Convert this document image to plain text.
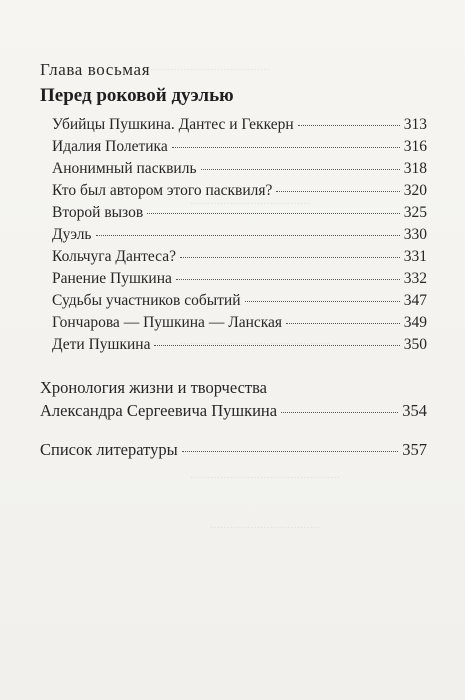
………………………………
………………………………
………………………………………
………………………………………
……………………………
Глава восьмая
Перед роковой дуэлью
Убийцы Пушкина. Дантес и Геккерн	313
Идалия Полетика	316
Анонимный пасквиль	318
Кто был автором этого пасквиля?	320
Второй вызов	325
Дуэль	330
Кольчуга Дантеса?	331
Ранение Пушкина	332
Судьбы участников событий	347
Гончарова — Пушкина — Ланская	349
Дети Пушкина	350
Хронология жизни и творчества
Александра Сергеевича Пушкина	354
Список литературы	357
